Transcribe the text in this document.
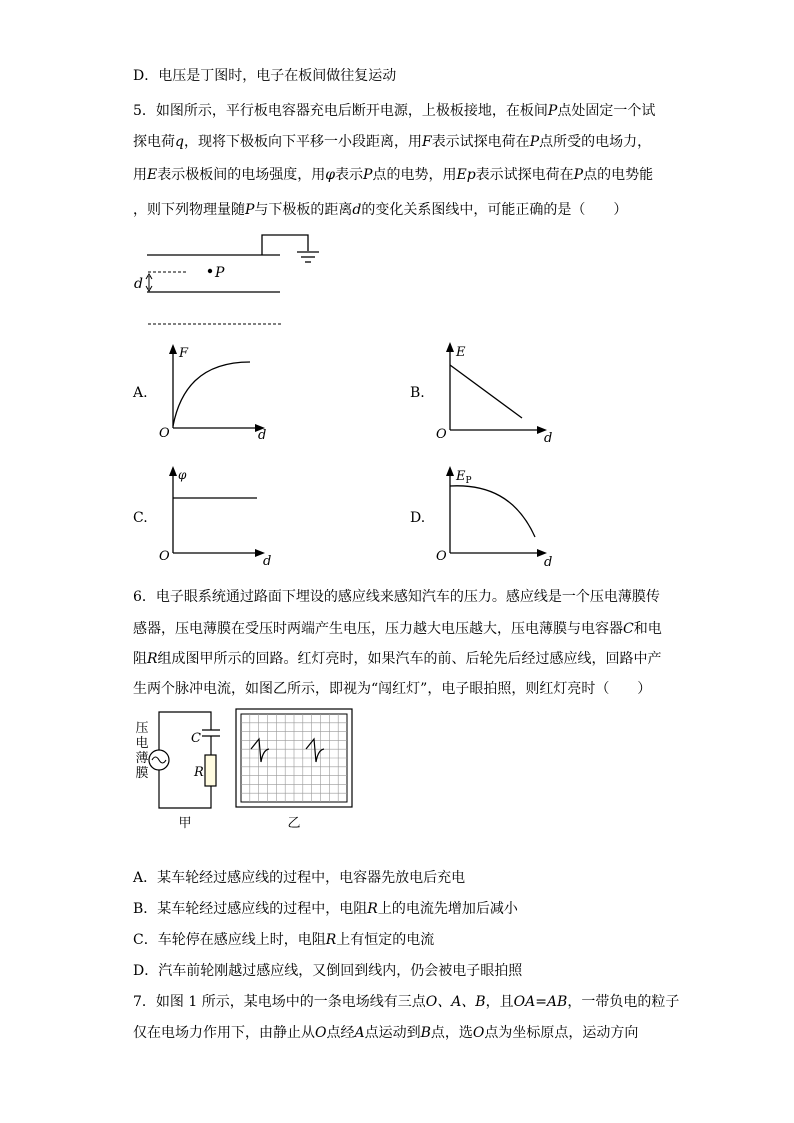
D．电压是丁图时，电子在板间做往复运动
5．如图所示，平行板电容器充电后断开电源，上极板接地，在板间P点处固定一个试
探电荷q，现将下极板向下平移一小段距离，用F表示试探电荷在P点所受的电场力，
用E表示极板间的电场强度，用φ表示P点的电势，用Ep表示试探电荷在P点的电势能
，则下列物理量随P与下极板的距离d的变化关系图线中，可能正确的是（　　）
d
P
A.
F
O	d
B.
E
O	d
C.
φ
O	d
D.
$E_P$
O	d
6．电子眼系统通过路面下埋设的感应线来感知汽车的压力。感应线是一个压电薄膜传
感器，压电薄膜在受压时两端产生电压，压力越大电压越大，压电薄膜与电容器C和电
阻R组成图甲所示的回路。红灯亮时，如果汽车的前、后轮先后经过感应线，回路中产
生两个脉冲电流，如图乙所示，即视为“闯红灯”，电子眼拍照，则红灯亮时（　　）
压
电
薄
膜
C
R
甲	乙
A．某车轮经过感应线的过程中，电容器先放电后充电
B．某车轮经过感应线的过程中，电阻R上的电流先增加后减小
C．车轮停在感应线上时，电阻R上有恒定的电流
D．汽车前轮刚越过感应线，又倒回到线内，仍会被电子眼拍照
7．如图 1 所示，某电场中的一条电场线有三点O、A、B，且OA=AB，一带负电的粒子
仅在电场力作用下，由静止从O点经A点运动到B点，选O点为坐标原点，运动方向
